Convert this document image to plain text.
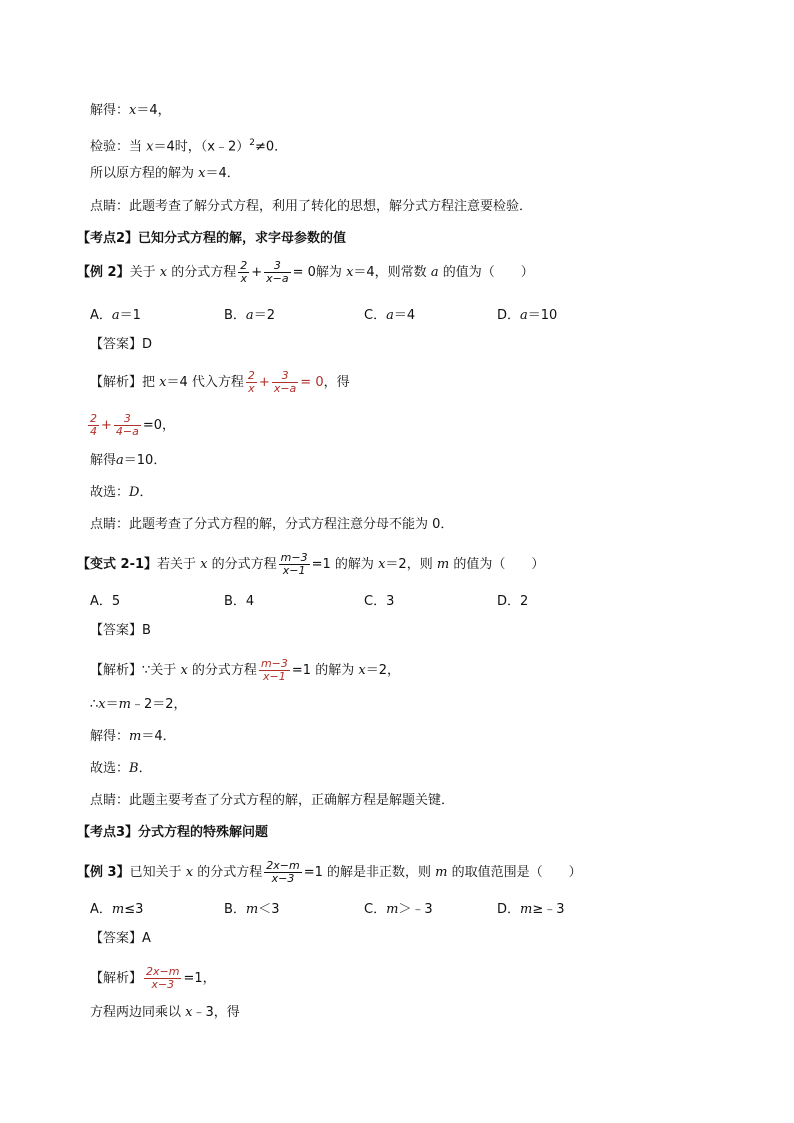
解得：x＝4，
检验：当 x＝4时，（x﹣2）$^2$≠0．
所以原方程的解为 x＝4．
点睛：此题考查了解分式方程，利用了转化的思想，解分式方程注意要检验．
【考点2】已知分式方程的解，求字母参数的值
【例 2】关于 x 的分式方程 $\frac{2}{x} + \frac{3}{x-a} = 0$解为 x＝4，则常数 a 的值为（　　）
A．a＝1	B．a＝2	C．a＝4	D．a＝10
【答案】D
【解析】把 x＝4 代入方程 $\frac{2}{x} + \frac{3}{x-a} = 0$，得
$\frac{2}{4} + \frac{3}{4-a} =0$，
解得a＝10．
故选：D．
点睛：此题考查了分式方程的解，分式方程注意分母不能为 0．
【变式 2-1】若关于 x 的分式方程 $\frac{m-3}{x-1} =1$ 的解为 x＝2，则 m 的值为（　　）
A．5	B．4	C．3	D．2
【答案】B
【解析】∵关于 x 的分式方程 $\frac{m-3}{x-1} =1$ 的解为 x＝2，
∴x＝m﹣2＝2，
解得：m＝4．
故选：B．
点睛：此题主要考查了分式方程的解，正确解方程是解题关键．
【考点3】分式方程的特殊解问题
【例 3】已知关于 x 的分式方程 $\frac{2x-m}{x-3} =1$ 的解是非正数，则 m 的取值范围是（　　）
A．m≤3	B．m＜3	C．m＞﹣3	D．m≥﹣3
【答案】A
【解析】 $\frac{2x-m}{x-3} =1$，
方程两边同乘以 x﹣3，得
